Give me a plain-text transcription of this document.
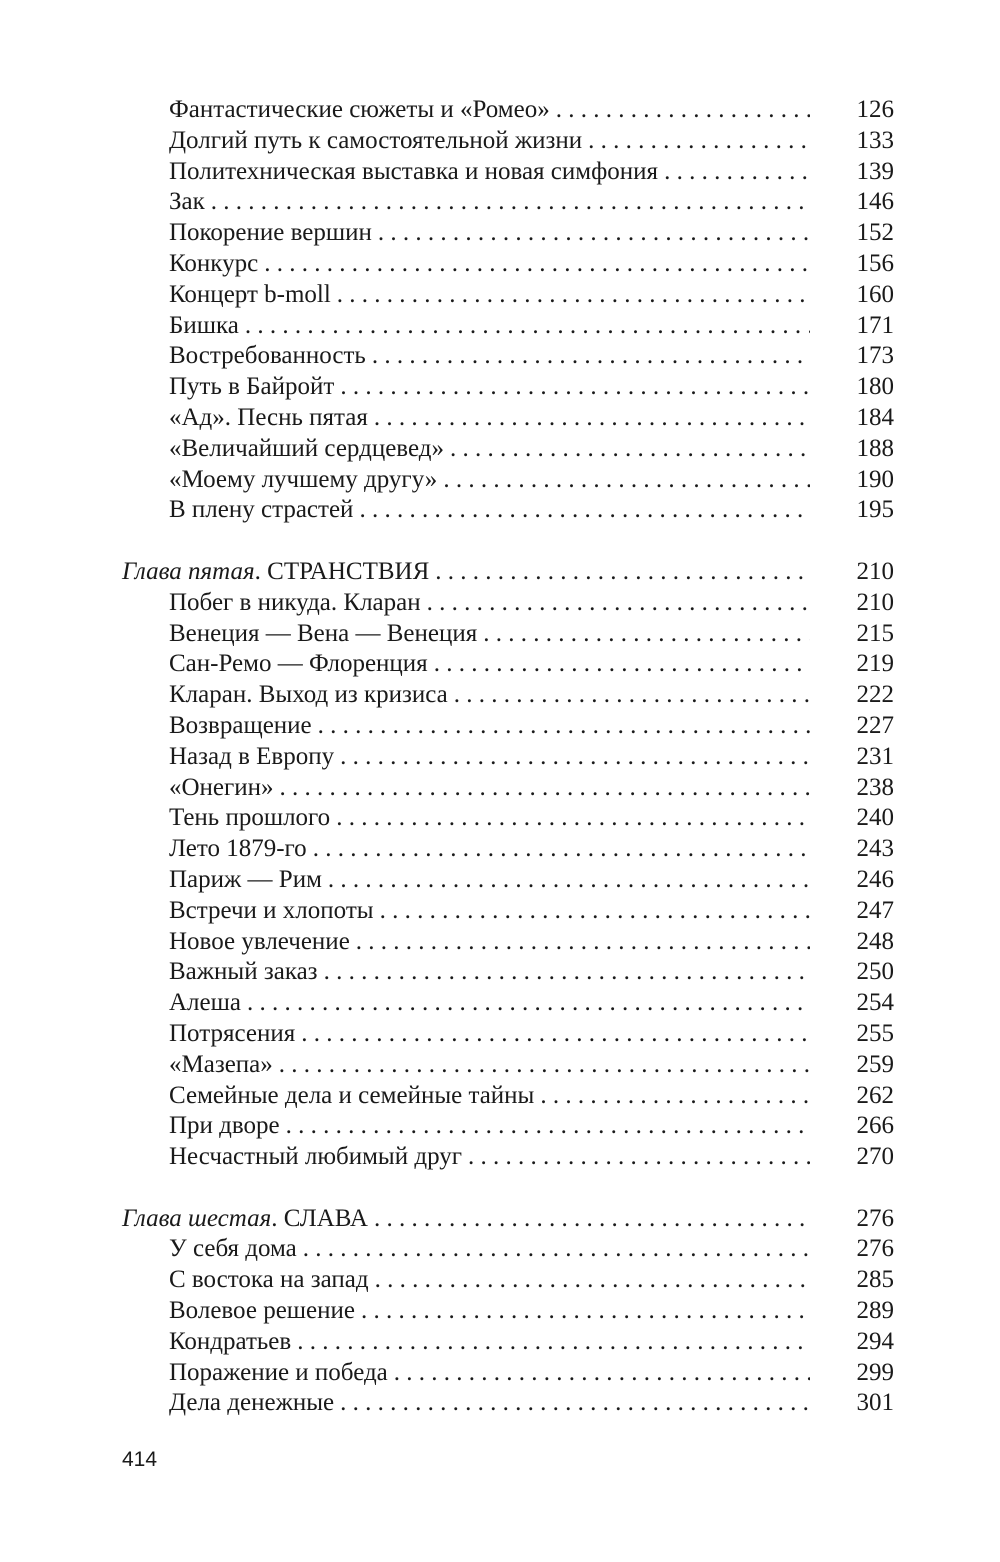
Фантастические сюжеты и «Ромео» . . .	126
Долгий путь к самостоятельной жизни . . .	133
Политехническая выставка и новая симфония . . .	139
Зак . . .	146
Покорение вершин . . .	152
Конкурс . . .	156
Концерт b-moll . . .	160
Бишка . . .	171
Востребованность . . .	173
Путь в Байройт . . .	180
«Ад». Песнь пятая . . .	184
«Величайший сердцевед» . . .	188
«Моему лучшему другу» . . .	190
В плену страстей . . .	195
Глава пятая. СТРАНСТВИЯ . . .	210
Побег в никуда. Кларан . . .	210
Венеция — Вена — Венеция . . .	215
Сан-Ремо — Флоренция . . .	219
Кларан. Выход из кризиса . . .	222
Возвращение . . .	227
Назад в Европу . . .	231
«Онегин» . . .	238
Тень прошлого . . .	240
Лето 1879-го . . .	243
Париж — Рим . . .	246
Встречи и хлопоты . . .	247
Новое увлечение . . .	248
Важный заказ . . .	250
Алеша . . .	254
Потрясения . . .	255
«Мазепа» . . .	259
Семейные дела и семейные тайны . . .	262
При дворе . . .	266
Несчастный любимый друг . . .	270
Глава шестая. СЛАВА . . .	276
У себя дома . . .	276
С востока на запад . . .	285
Волевое решение . . .	289
Кондратьев . . .	294
Поражение и победа . . .	299
Дела денежные . . .	301
414
